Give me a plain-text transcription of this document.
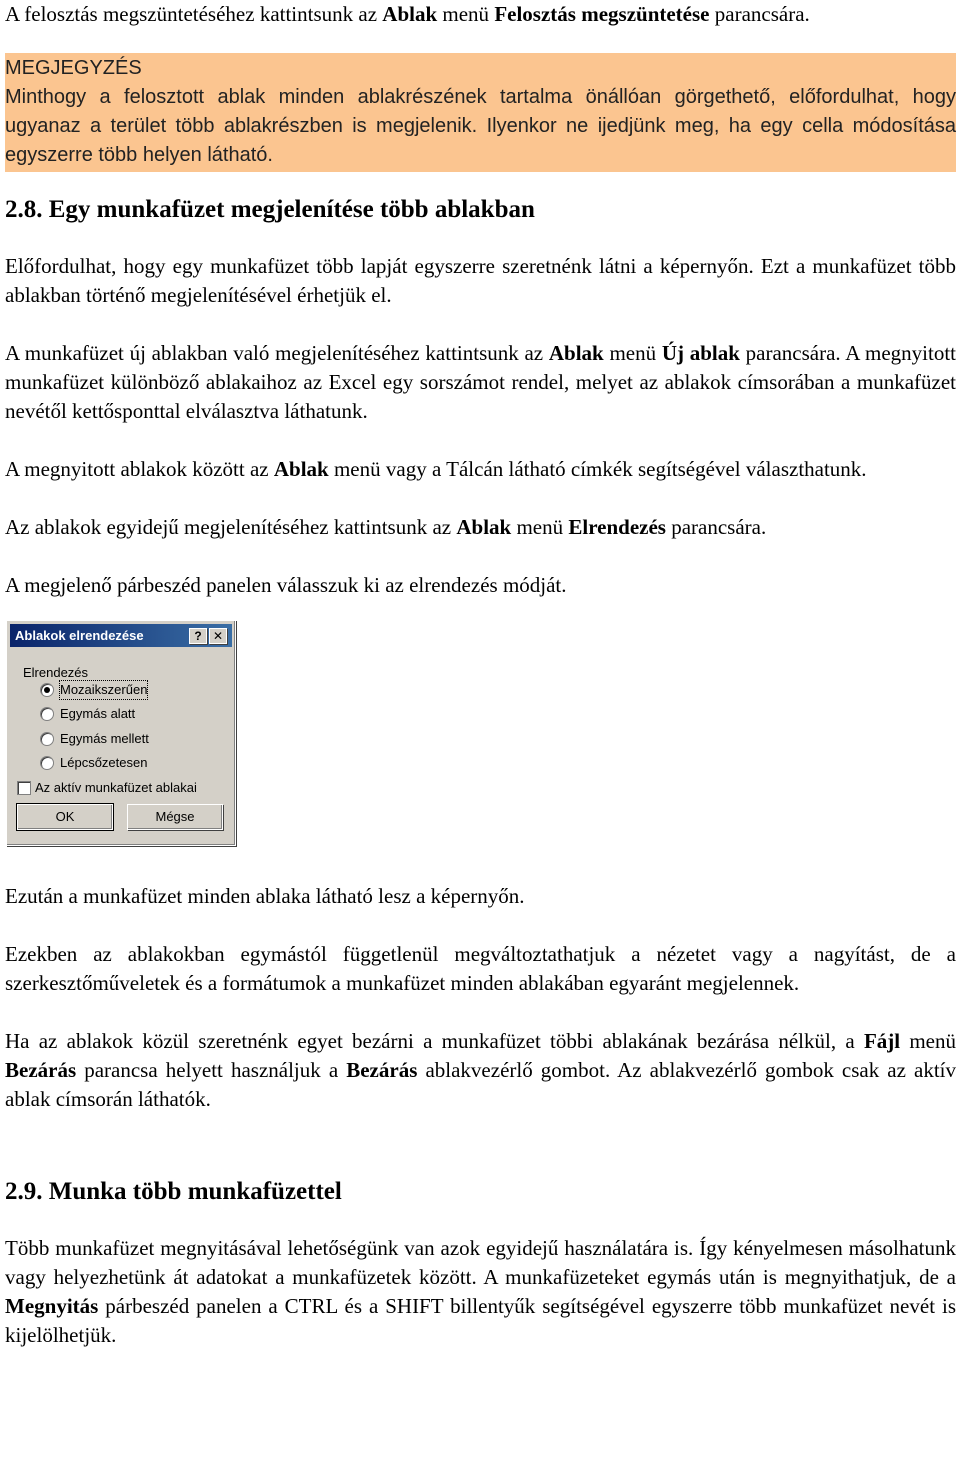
A felosztás megszüntetéséhez kattintsunk az Ablak menü Felosztás megszüntetése parancsára.

MEGJEGYZÉS

Minthogy a felosztott ablak minden ablakrészének tartalma önállóan görgethető, előfordulhat, hogy ugyanaz a terület több ablakrészben is megjelenik. Ilyenkor ne ijedjünk meg, ha egy cella módosítása egyszerre több helyen látható.

2.8. Egy munkafüzet megjelenítése több ablakban

Előfordulhat, hogy egy munkafüzet több lapját egyszerre szeretnénk látni a képernyőn. Ezt a munkafüzet több ablakban történő megjelenítésével érhetjük el.

A munkafüzet új ablakban való megjelenítéséhez kattintsunk az Ablak menü Új ablak parancsára. A megnyitott munkafüzet különböző ablakaihoz az Excel egy sorszámot rendel, melyet az ablakok címsorában a munkafüzet nevétől kettősponttal elválasztva láthatunk.

A megnyitott ablakok között az Ablak menü vagy a Tálcán látható címkék segítségével választhatunk.

Az ablakok egyidejű megjelenítéséhez kattintsunk az Ablak menü Elrendezés parancsára.

A megjelenő párbeszéd panelen válasszuk ki az elrendezés módját.

Ablakok elrendezése	? ✕
Elrendezés
Mozaikszerűen
Egymás alatt
Egymás mellett
Lépcsőzetesen
Az aktív munkafüzet ablakai
OK	Mégse

Ezután a munkafüzet minden ablaka látható lesz a képernyőn.

Ezekben az ablakokban egymástól függetlenül megváltoztathatjuk a nézetet vagy a nagyítást, de a szerkesztőműveletek és a formátumok a munkafüzet minden ablakában egyaránt megjelennek.

Ha az ablakok közül szeretnénk egyet bezárni a munkafüzet többi ablakának bezárása nélkül, a Fájl menü Bezárás parancsa helyett használjuk a Bezárás ablakvezérlő gombot. Az ablakvezérlő gombok csak az aktív ablak címsorán láthatók.

2.9. Munka több munkafüzettel

Több munkafüzet megnyitásával lehetőségünk van azok egyidejű használatára is. Így kényelmesen másolhatunk vagy helyezhetünk át adatokat a munkafüzetek között. A munkafüzeteket egymás után is megnyithatjuk, de a Megnyitás párbeszéd panelen a CTRL és a SHIFT billentyűk segítségével egyszerre több munkafüzet nevét is kijelölhetjük.
